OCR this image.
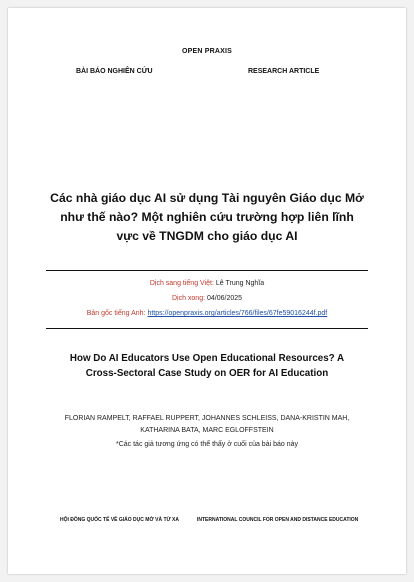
OPEN PRAXIS
BÀI BÁO NGHIÊN CỨU	RESEARCH ARTICLE
Các nhà giáo dục AI sử dụng Tài nguyên Giáo dục Mở như thế nào? Một nghiên cứu trường hợp liên lĩnh vực về TNGDM cho giáo dục AI
Dịch sang tiếng Việt: Lê Trung Nghĩa
Dịch xong: 04/06/2025
Bản gốc tiếng Anh: https://openpraxis.org/articles/766/files/67fe59016244f.pdf
How Do AI Educators Use Open Educational Resources? A Cross-Sectoral Case Study on OER for AI Education
FLORIAN RAMPELT, RAFFAEL RUPPERT, JOHANNES SCHLEISS, DANA-KRISTIN MAH, KATHARINA BATA, MARC EGLOFFSTEIN
*Các tác giả tương ứng có thể thấy ở cuối của bài báo này
HỘI ĐỒNG QUỐC TẾ VỀ GIÁO DỤC MỞ VÀ TỪ XA	INTERNATIONAL COUNCIL FOR OPEN AND DISTANCE EDUCATION
